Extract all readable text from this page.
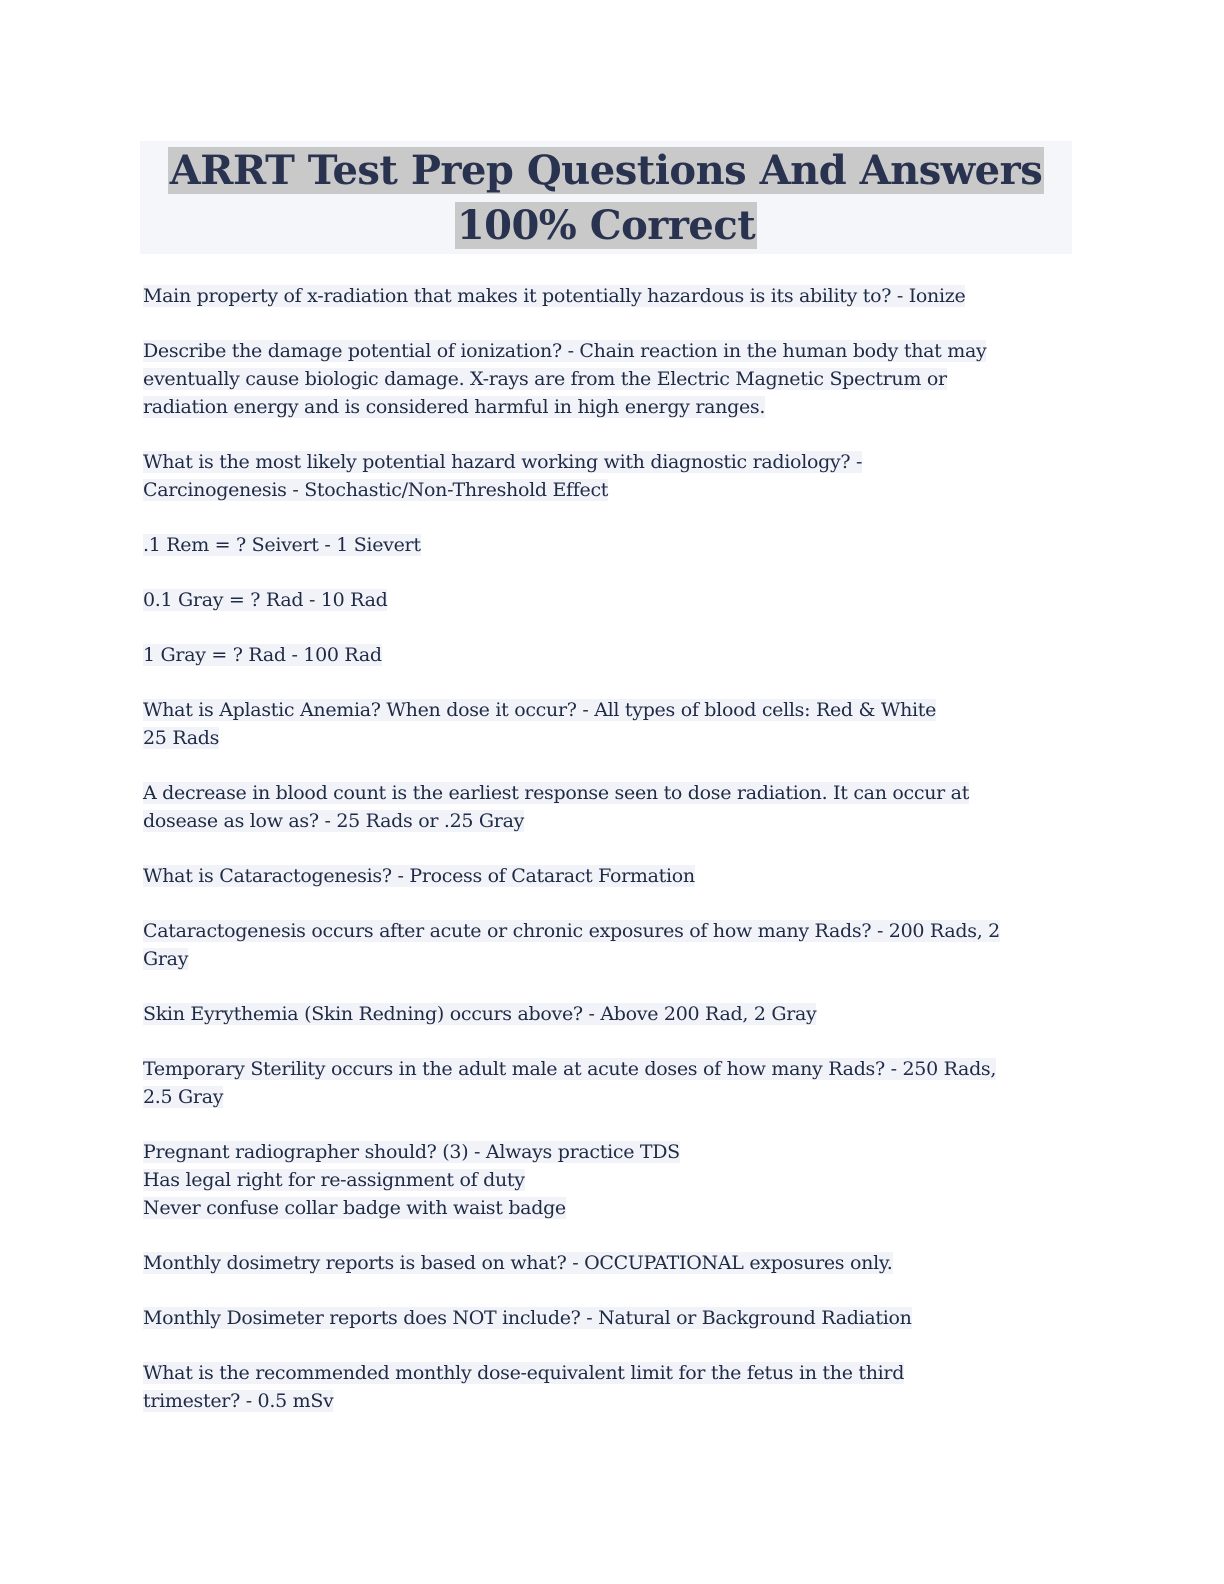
ARRT Test Prep Questions And Answers
100% Correct
Main property of x-radiation that makes it potentially hazardous is its ability to? - Ionize
Describe the damage potential of ionization? - Chain reaction in the human body that may
eventually cause biologic damage. X-rays are from the Electric Magnetic Spectrum or
radiation energy and is considered harmful in high energy ranges.
What is the most likely potential hazard working with diagnostic radiology? -
Carcinogenesis - Stochastic/Non-Threshold Effect
.1 Rem = ? Seivert - 1 Sievert
0.1 Gray = ? Rad - 10 Rad
1 Gray = ? Rad - 100 Rad
What is Aplastic Anemia? When dose it occur? - All types of blood cells: Red & White
25 Rads
A decrease in blood count is the earliest response seen to dose radiation. It can occur at
dosease as low as? - 25 Rads or .25 Gray
What is Cataractogenesis? - Process of Cataract Formation
Cataractogenesis occurs after acute or chronic exposures of how many Rads? - 200 Rads, 2
Gray
Skin Eyrythemia (Skin Redning) occurs above? - Above 200 Rad, 2 Gray
Temporary Sterility occurs in the adult male at acute doses of how many Rads? - 250 Rads,
2.5 Gray
Pregnant radiographer should? (3) - Always practice TDS
Has legal right for re-assignment of duty
Never confuse collar badge with waist badge
Monthly dosimetry reports is based on what? - OCCUPATIONAL exposures only.
Monthly Dosimeter reports does NOT include? - Natural or Background Radiation
What is the recommended monthly dose-equivalent limit for the fetus in the third
trimester? - 0.5 mSv
